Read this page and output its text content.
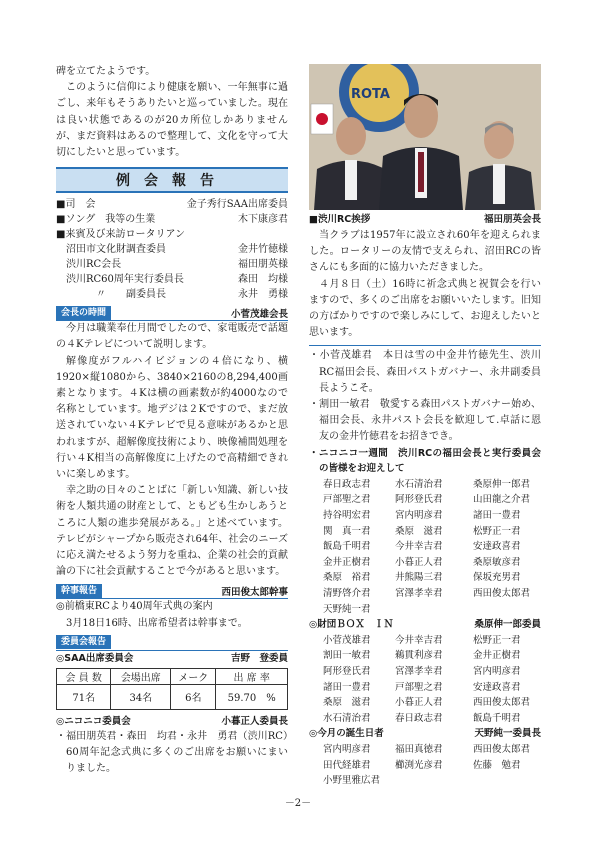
碑を立てたようです。

このように信仰により健康を願い、一年無事に過ごし、来年もそうありたいと巡っていました。現在は良い状態であるのが20カ所位しかありませんが、まだ資料はあるので整理して、文化を守って大切にしたいと思っています。

例会報告
■司　会	金子秀行SAA出席委員
■ソング　我等の生業	木下康彦君
■来賓及び来訪ロータリアン
　沼田市文化財調査委員	金井竹徳様
　渋川RC会長	福田朋英様
　渋川RC60周年実行委員長	森田　均様
　　　　〃　　副委員長	永井　勇様
会長の時間	小菅茂雄会長

今月は職業奉仕月間でしたので、家電販売で話題の４Kテレビについて説明します。

解像度がフルハイビジョンの４倍になり、横1920×縦1080から、3840×2160の8,294,400画素となります。４Kは横の画素数が約4000なので名称としています。地デジは２Kですので、まだ放送されていない４Kテレビで見る意味があるかと思われますが、超解像度技術により、映像補間処理を行い４K相当の高解像度に上げたので高精細できれいに楽しめます。

幸之助の日々のことばに「新しい知識、新しい技術を人類共通の財産として、ともども生かしあうところに人類の進歩発展がある。」と述べています。テレビがシャープから販売され64年、社会のニーズに応え満たせるよう努力を重ね、企業の社会的貢献論の下に社会貢献することで今があると思います。

幹事報告	西田俊太郎幹事

◎前橋東RCより40周年式典の案内

3月18日16時、出席希望者は幹事まで。

委員会報告
◎SAA出席委員会	吉野　登委員
会 員 数	会場出席	メーク	出 席 率
71名	34名	6名	59.70　%
◎ニコニコ委員会	小暮正人委員長

・福田朋英君・森田　均君・永井　勇君（渋川RC）60周年記念式典に多くのご出席をお願いにまいりました。

ROTA
■渋川RC挨拶	福田朋英会長

当クラブは1957年に設立され60年を迎えられました。ロータリーの友情で支えられ、沼田RCの皆さんにも多面的に協力いただきました。

４月８日（土）16時に祈念式典と祝賀会を行いますので、多くのご出席をお願いいたします。旧知の方ばかりですので楽しみにして、お迎えしたいと思います。

・小菅茂雄君　本日は雪の中金井竹徳先生、渋川RC福田会長、森田パストガバナー、永井副委員長ようこそ。

・割田一敏君　敬愛する森田パストガバナー始め、福田会長、永井パスト会長を歓迎して.卓話に恩友の金井竹徳君をお招きでき。

・ニコニコ一週間　渋川RCの福田会長と実行委員会の皆様をお迎えして

春日政志君	水石清治君	桑原伸一郎君
戸部聖之君	阿形登氏君	山田龍之介君
持谷明宏君	宮内明彦君	諸田一豊君
関　真一君	桑原　滋君	松野正一君
飯島千明君	今井幸吉君	安達政喜君
金井正樹君	小暮正人君	桑原敏彦君
桑原　裕君	井熊陽三君	保坂充男君
清野啓介君	宮澤孝幸君	西田俊太郎君
天野純一君
◎財団ＢＯＸ　ＩＮ	桑原伸一郎委員
小菅茂雄君	今井幸吉君	松野正一君
割田一敏君	鵜貫利彦君	金井正樹君
阿形登氏君	宮澤孝幸君	宮内明彦君
諸田一豊君	戸部聖之君	安達政喜君
桑原　滋君	小暮正人君	西田俊太郎君
水石清治君	春日政志君	飯島千明君
◎今月の誕生日者	天野純一委員長
宮内明彦君	福田真徳君	西田俊太郎君
田代経雄君	櫛渕光彦君	佐藤　勉君
小野里雅広君
－2－
